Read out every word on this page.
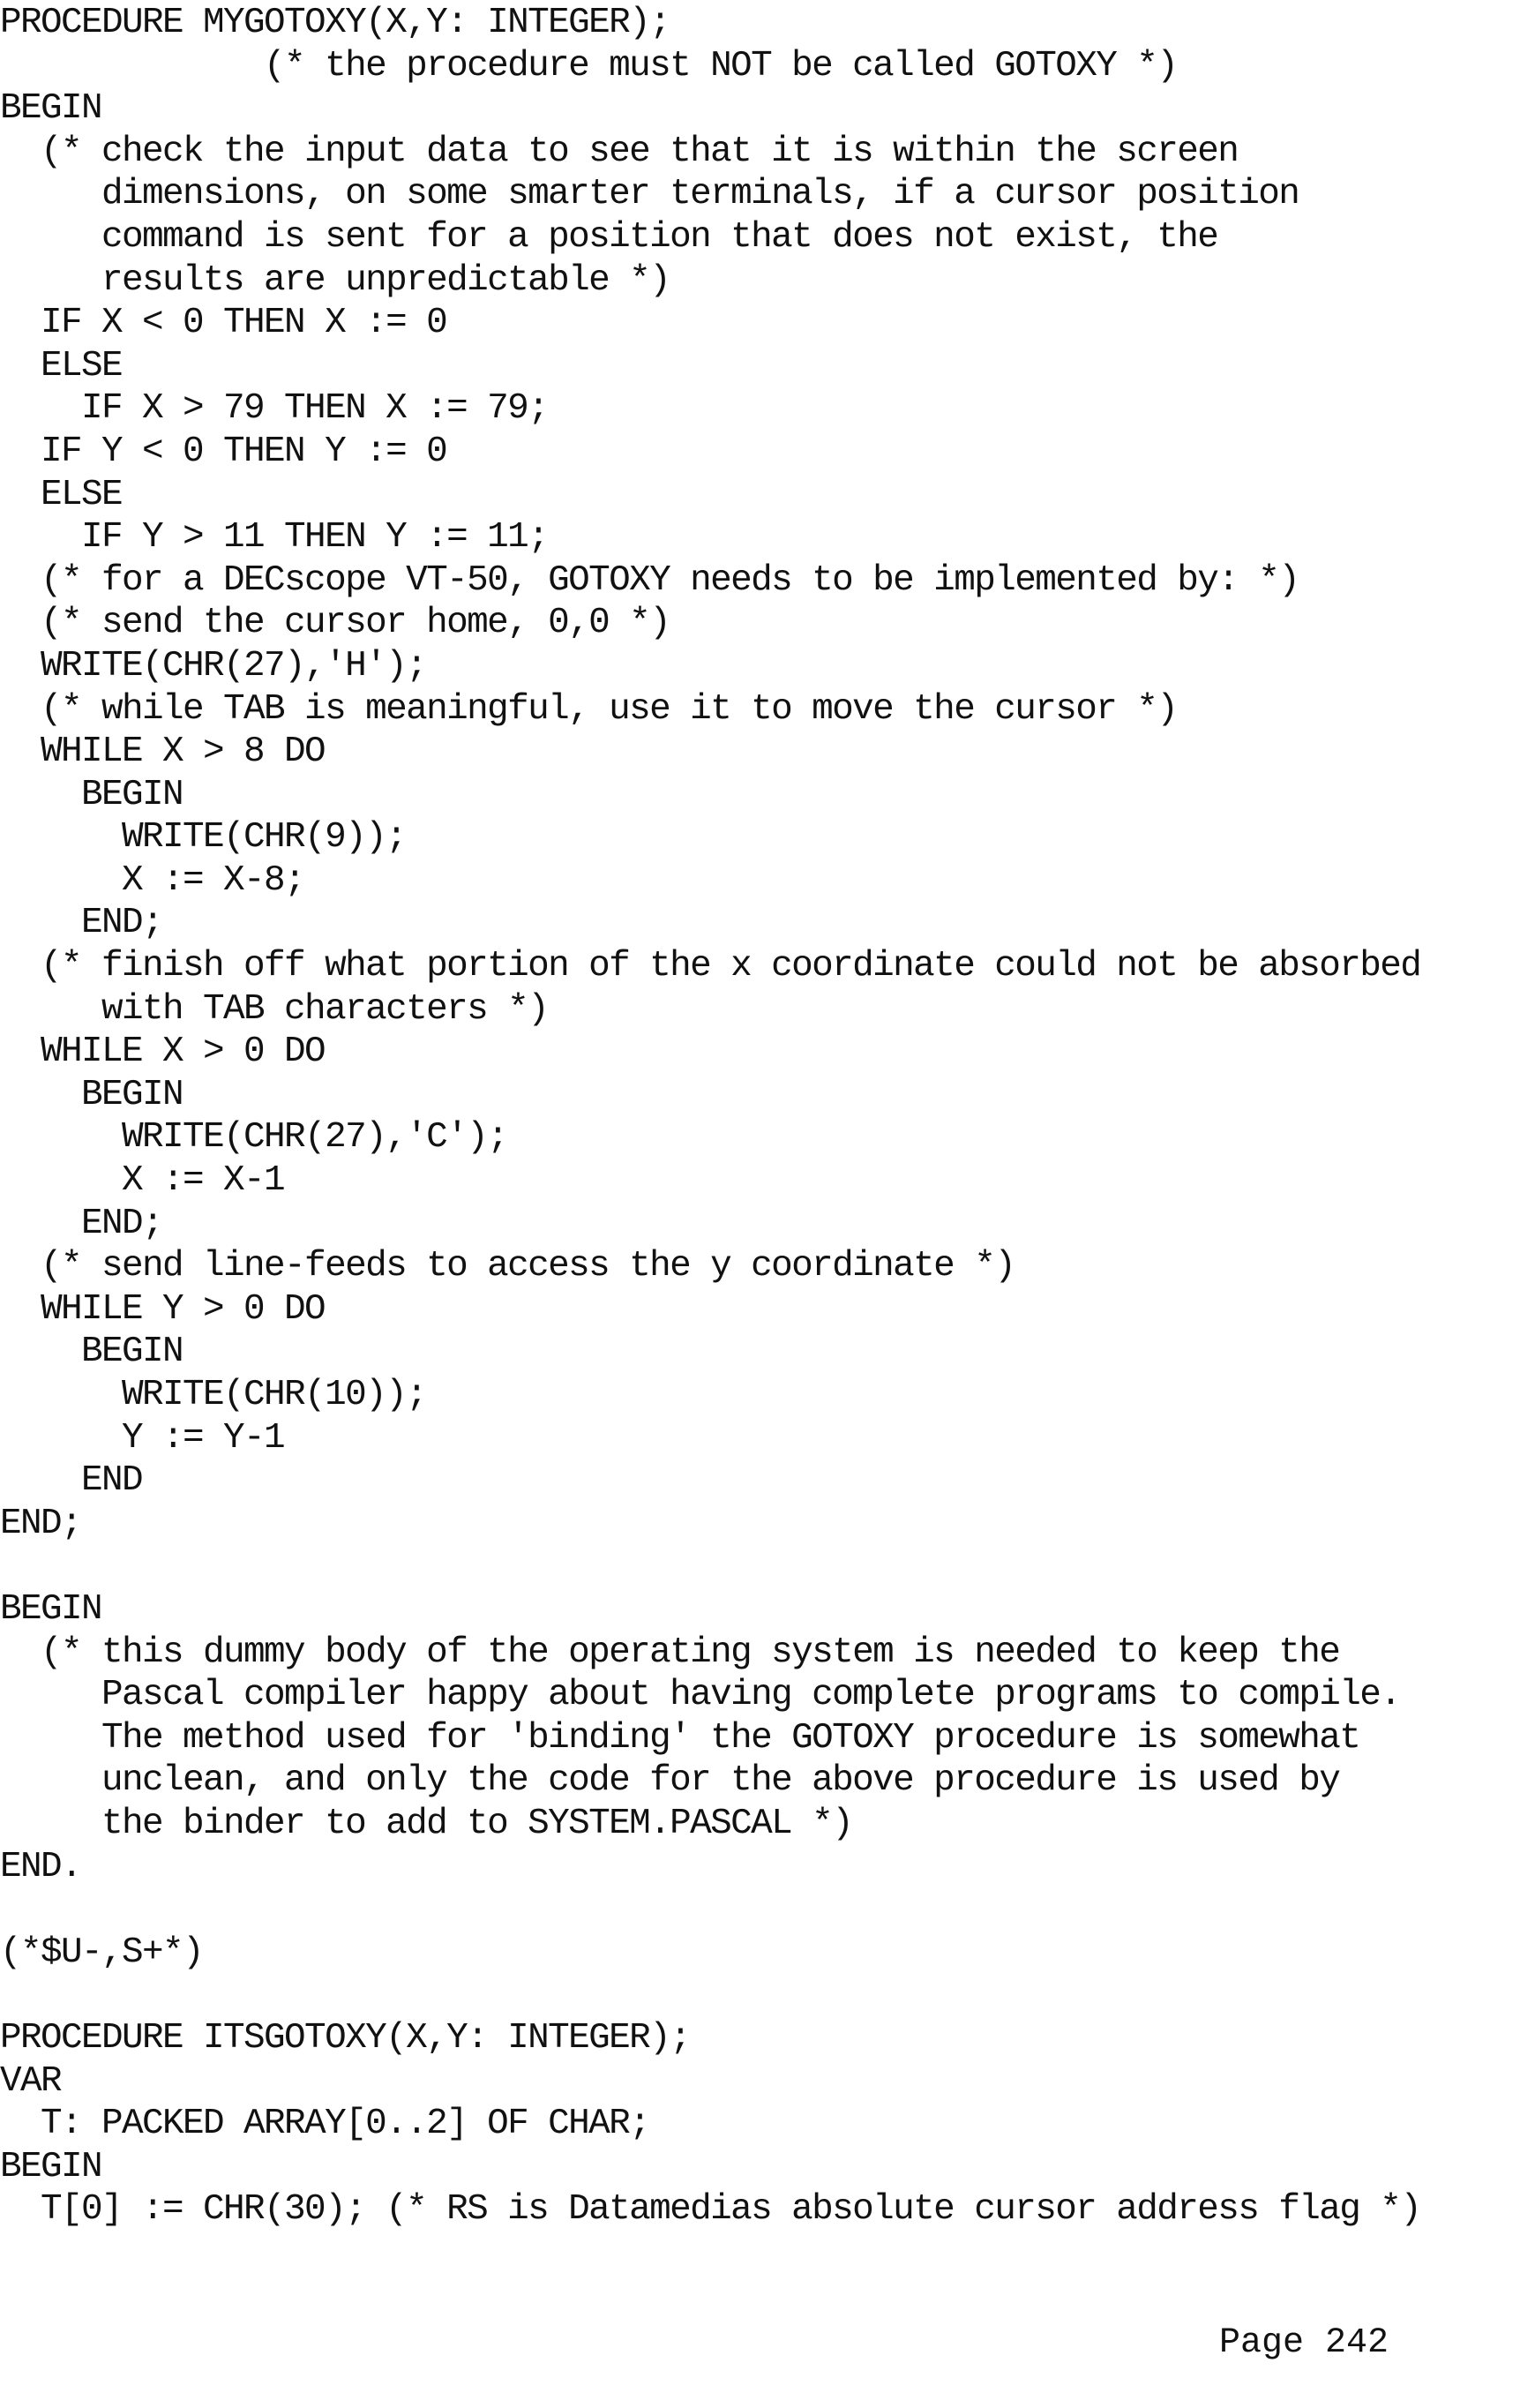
PROCEDURE MYGOTOXY(X,Y: INTEGER);
(* the procedure must NOT be called GOTOXY *)
BEGIN
(* check the input data to see that it is within the screen
dimensions, on some smarter terminals, if a cursor position
command is sent for a position that does not exist, the
results are unpredictable *)
IF X < 0 THEN X := 0
ELSE
IF X > 79 THEN X := 79;
IF Y < 0 THEN Y := 0
ELSE
IF Y > 11 THEN Y := 11;
(* for a DECscope VT-50, GOTOXY needs to be implemented by: *)
(* send the cursor home, 0,0 *)
WRITE(CHR(27),'H');
(* while TAB is meaningful, use it to move the cursor *)
WHILE X > 8 DO
BEGIN
WRITE(CHR(9));
X := X-8;
END;
(* finish off what portion of the x coordinate could not be absorbed
with TAB characters *)
WHILE X > 0 DO
BEGIN
WRITE(CHR(27),'C');
X := X-1
END;
(* send line-feeds to access the y coordinate *)
WHILE Y > 0 DO
BEGIN
WRITE(CHR(10));
Y := Y-1
END
END;
BEGIN
(* this dummy body of the operating system is needed to keep the
Pascal compiler happy about having complete programs to compile.
The method used for 'binding' the GOTOXY procedure is somewhat
unclean, and only the code for the above procedure is used by
the binder to add to SYSTEM.PASCAL *)
END.
(*$U-,S+*)
PROCEDURE ITSGOTOXY(X,Y: INTEGER);
VAR
T: PACKED ARRAY[0..2] OF CHAR;
BEGIN
T[0] := CHR(30); (* RS is Datamedias absolute cursor address flag *)
Page 242
